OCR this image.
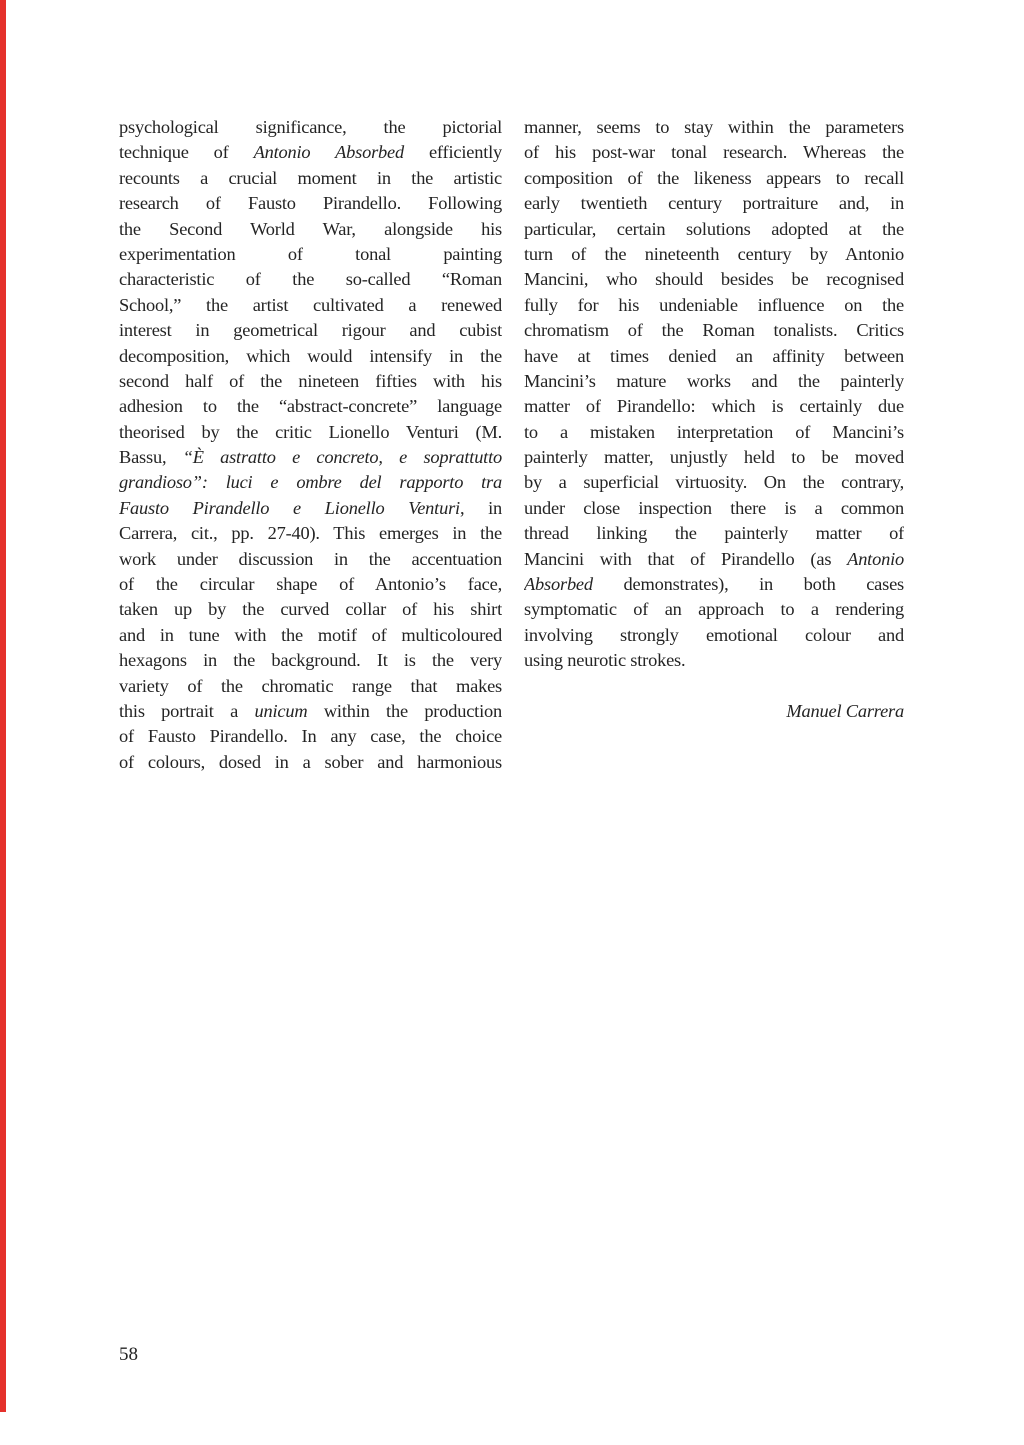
psychological significance, the pictorial
technique of Antonio Absorbed efficiently
recounts a crucial moment in the artistic
research of Fausto Pirandello. Following
the Second World War, alongside his
experimentation of tonal painting
characteristic of the so-called “Roman
School,” the artist cultivated a renewed
interest in geometrical rigour and cubist
decomposition, which would intensify in the
second half of the nineteen fifties with his
adhesion to the “abstract-concrete” language
theorised by the critic Lionello Venturi (M.
Bassu, “È astratto e concreto, e soprattutto
grandioso”: luci e ombre del rapporto tra
Fausto Pirandello e Lionello Venturi, in
Carrera, cit., pp. 27-40). This emerges in the
work under discussion in the accentuation
of the circular shape of Antonio’s face,
taken up by the curved collar of his shirt
and in tune with the motif of multicoloured
hexagons in the background. It is the very
variety of the chromatic range that makes
this portrait a unicum within the production
of Fausto Pirandello. In any case, the choice
of colours, dosed in a sober and harmonious
manner, seems to stay within the parameters
of his post-war tonal research. Whereas the
composition of the likeness appears to recall
early twentieth century portraiture and, in
particular, certain solutions adopted at the
turn of the nineteenth century by Antonio
Mancini, who should besides be recognised
fully for his undeniable influence on the
chromatism of the Roman tonalists. Critics
have at times denied an affinity between
Mancini’s mature works and the painterly
matter of Pirandello: which is certainly due
to a mistaken interpretation of Mancini’s
painterly matter, unjustly held to be moved
by a superficial virtuosity. On the contrary,
under close inspection there is a common
thread linking the painterly matter of
Mancini with that of Pirandello (as Antonio
Absorbed demonstrates), in both cases
symptomatic of an approach to a rendering
involving strongly emotional colour and
using neurotic strokes.
Manuel Carrera
58
